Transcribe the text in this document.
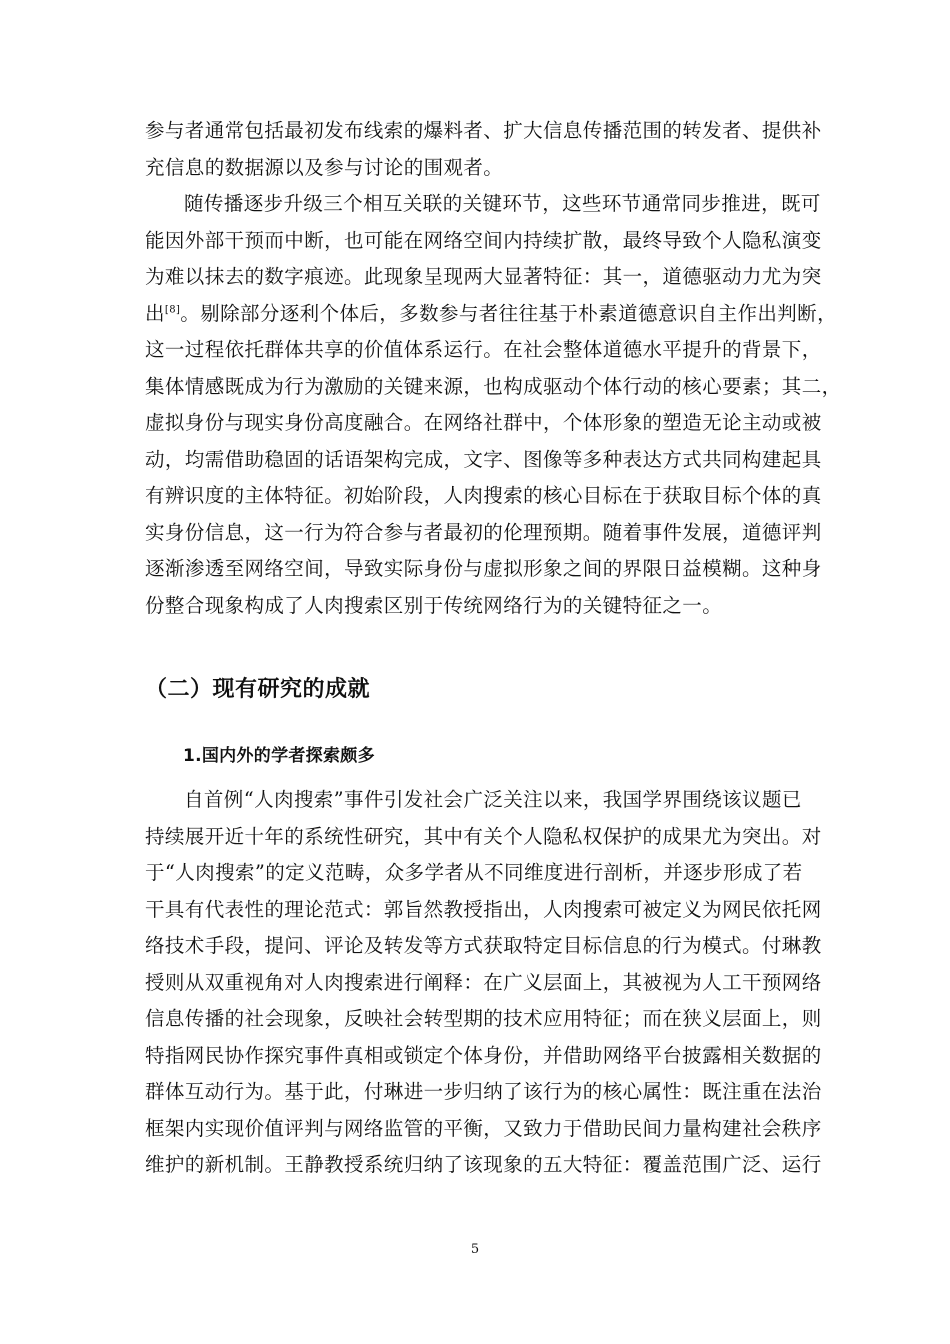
参与者通常包括最初发布线索的爆料者、扩大信息传播范围的转发者、提供补
充信息的数据源以及参与讨论的围观者。
随传播逐步升级三个相互关联的关键环节，这些环节通常同步推进，既可
能因外部干预而中断，也可能在网络空间内持续扩散，最终导致个人隐私演变
为难以抹去的数字痕迹。此现象呈现两大显著特征：其一，道德驱动力尤为突
出[8]。剔除部分逐利个体后，多数参与者往往基于朴素道德意识自主作出判断，
这一过程依托群体共享的价值体系运行。在社会整体道德水平提升的背景下，
集体情感既成为行为激励的关键来源，也构成驱动个体行动的核心要素；其二，
虚拟身份与现实身份高度融合。在网络社群中，个体形象的塑造无论主动或被
动，均需借助稳固的话语架构完成，文字、图像等多种表达方式共同构建起具
有辨识度的主体特征。初始阶段，人肉搜索的核心目标在于获取目标个体的真
实身份信息，这一行为符合参与者最初的伦理预期。随着事件发展，道德评判
逐渐渗透至网络空间，导致实际身份与虚拟形象之间的界限日益模糊。这种身
份整合现象构成了人肉搜索区别于传统网络行为的关键特征之一。
（二）现有研究的成就
1.国内外的学者探索颇多
自首例“人肉搜索”事件引发社会广泛关注以来，我国学界围绕该议题已
持续展开近十年的系统性研究，其中有关个人隐私权保护的成果尤为突出。对
于“人肉搜索”的定义范畴，众多学者从不同维度进行剖析，并逐步形成了若
干具有代表性的理论范式：郭旨然教授指出，人肉搜索可被定义为网民依托网
络技术手段，提问、评论及转发等方式获取特定目标信息的行为模式。付琳教
授则从双重视角对人肉搜索进行阐释：在广义层面上，其被视为人工干预网络
信息传播的社会现象，反映社会转型期的技术应用特征；而在狭义层面上，则
特指网民协作探究事件真相或锁定个体身份，并借助网络平台披露相关数据的
群体互动行为。基于此，付琳进一步归纳了该行为的核心属性：既注重在法治
框架内实现价值评判与网络监管的平衡，又致力于借助民间力量构建社会秩序
维护的新机制。王静教授系统归纳了该现象的五大特征：覆盖范围广泛、运行
5
